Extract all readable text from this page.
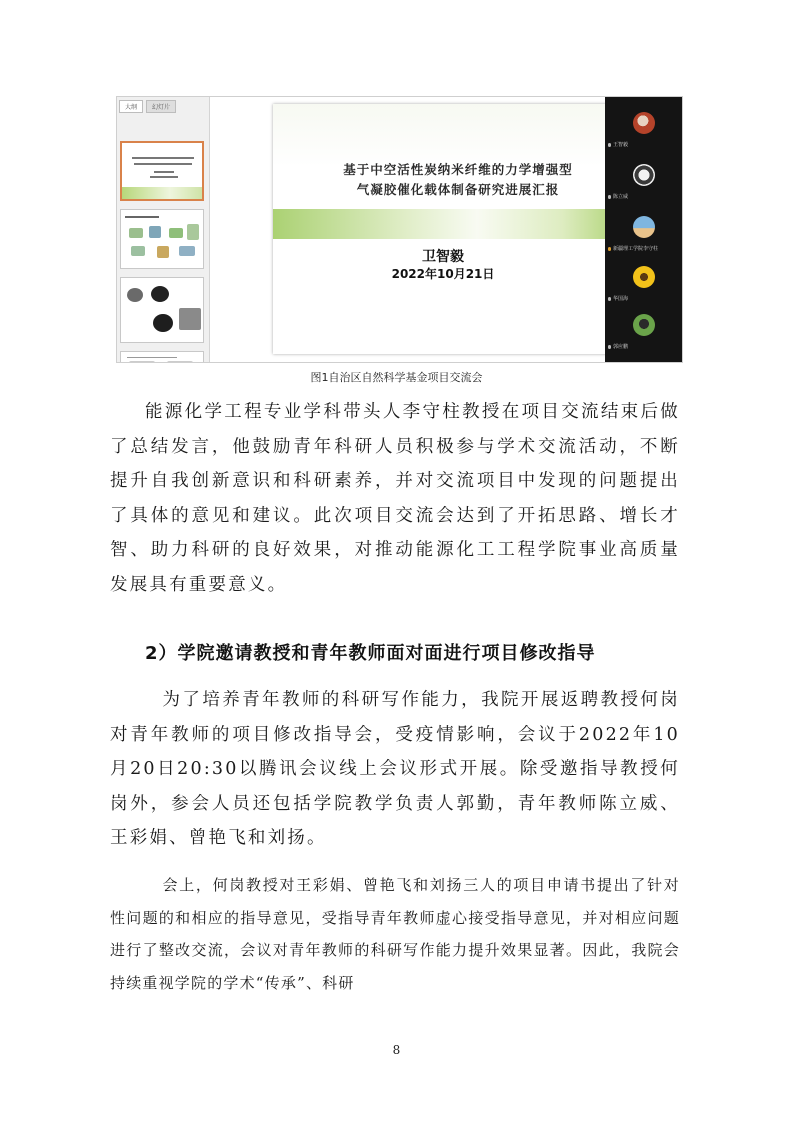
大纲	幻灯片
基于中空活性炭纳米纤维的力学增强型
气凝胶催化载体制备研究进展汇报
卫智毅
2022年10月21日
王智毅
陈立威
新疆理工学院李守柱
华国海
郭应鹏
图1自治区自然科学基金项目交流会

能源化学工程专业学科带头人李守柱教授在项目交流结束后做了总结发言，他鼓励青年科研人员积极参与学术交流活动，不断提升自我创新意识和科研素养，并对交流项目中发现的问题提出了具体的意见和建议。此次项目交流会达到了开拓思路、增长才智、助力科研的良好效果，对推动能源化工工程学院事业高质量发展具有重要意义。

2）学院邀请教授和青年教师面对面进行项目修改指导

为了培养青年教师的科研写作能力，我院开展返聘教授何岗对青年教师的项目修改指导会，受疫情影响，会议于2022年10月20日20:30以腾讯会议线上会议形式开展。除受邀指导教授何岗外，参会人员还包括学院教学负责人郭勤，青年教师陈立威、王彩娟、曾艳飞和刘扬。

会上，何岗教授对王彩娟、曾艳飞和刘扬三人的项目申请书提出了针对性问题的和相应的指导意见，受指导青年教师虚心接受指导意见，并对相应问题进行了整改交流，会议对青年教师的科研写作能力提升效果显著。因此，我院会持续重视学院的学术“传承”、科研

8
